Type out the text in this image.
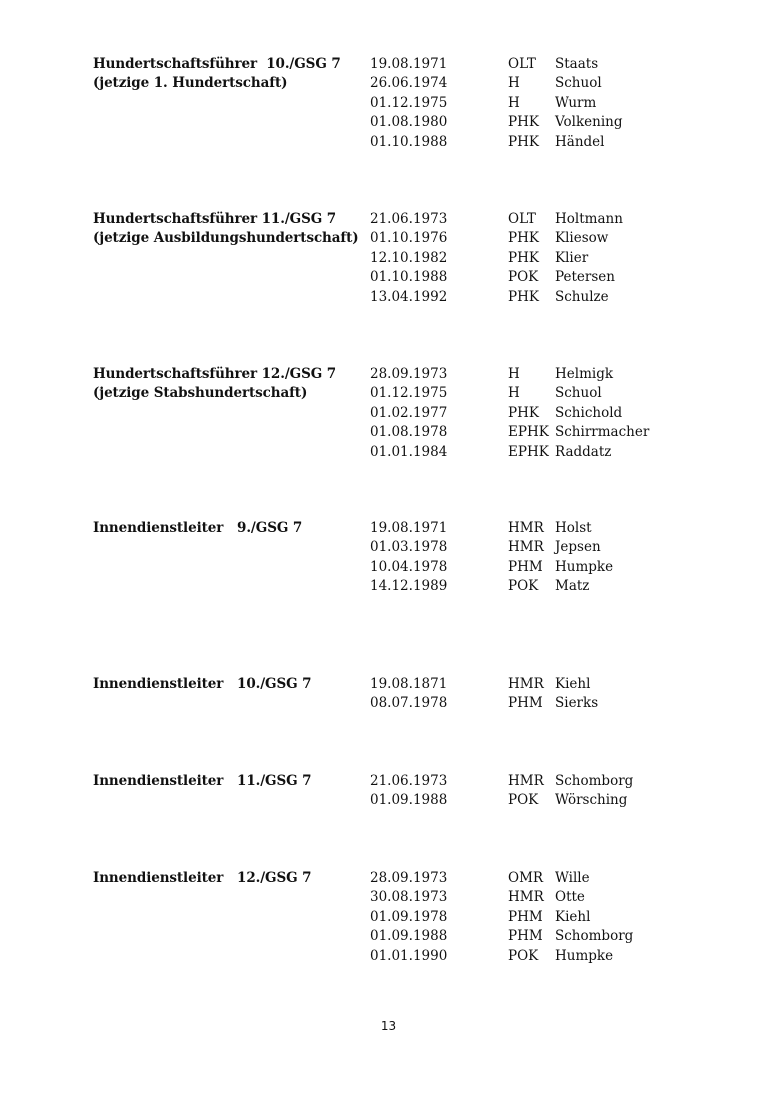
Hundertschaftsführer  10./GSG 7
(jetzige 1. Hundertschaft)
19.08.1971	OLT Staats
26.06.1974	H	Schuol
01.12.1975	H	Wurm
01.08.1980	PHK Volkening
01.10.1988	PHK Händel
Hundertschaftsführer 11./GSG 7
(jetzige Ausbildungshundertschaft)
21.06.1973	OLT Holtmann
01.10.1976	PHK Kliesow
12.10.1982	PHK Klier
01.10.1988	POK Petersen
13.04.1992	PHK Schulze
Hundertschaftsführer 12./GSG 7
(jetzige Stabshundertschaft)
28.09.1973	H	Helmigk
01.12.1975	H	Schuol
01.02.1977	PHK Schichold
01.08.1978	EPHK Schirrmacher
01.01.1984	EPHK Raddatz
Innendienstleiter   9./GSG 7	19.08.1971	HMR Holst
01.03.1978	HMR Jepsen
10.04.1978	PHM Humpke
14.12.1989	POK Matz
Innendienstleiter   10./GSG 7	19.08.1871	HMR Kiehl
08.07.1978	PHM Sierks
Innendienstleiter   11./GSG 7	21.06.1973	HMR Schomborg
01.09.1988	POK Wörsching
Innendienstleiter   12./GSG 7	28.09.1973	OMR Wille
30.08.1973	HMR Otte
01.09.1978	PHM Kiehl
01.09.1988	PHM Schomborg
01.01.1990	POK Humpke
13
